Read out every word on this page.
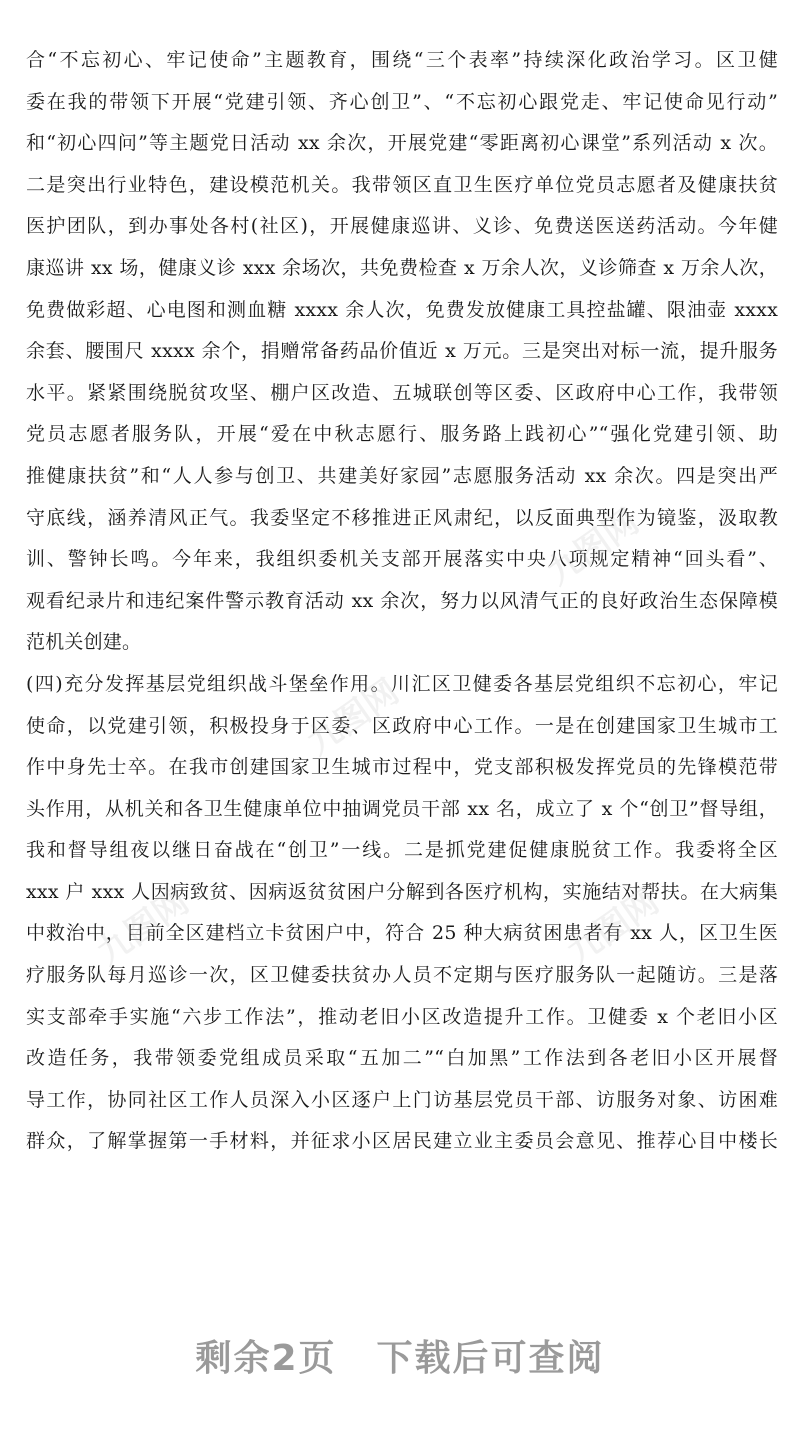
合“不忘初心、牢记使命”主题教育，围绕“三个表率”持续深化政治学习。区卫健
委在我的带领下开展“党建引领、齐心创卫”、“不忘初心跟党走、牢记使命见行动”
和“初心四问”等主题党日活动 xx 余次，开展党建“零距离初心课堂”系列活动 x 次。
二是突出行业特色，建设模范机关。我带领区直卫生医疗单位党员志愿者及健康扶贫
医护团队，到办事处各村(社区)，开展健康巡讲、义诊、免费送医送药活动。今年健
康巡讲 xx 场，健康义诊 xxx 余场次，共免费检查 x 万余人次，义诊筛查 x 万余人次，
免费做彩超、心电图和测血糖 xxxx 余人次，免费发放健康工具控盐罐、限油壶 xxxx
余套、腰围尺 xxxx 余个，捐赠常备药品价值近 x 万元。三是突出对标一流，提升服务
水平。紧紧围绕脱贫攻坚、棚户区改造、五城联创等区委、区政府中心工作，我带领
党员志愿者服务队，开展“爱在中秋志愿行、服务路上践初心”“强化党建引领、助
推健康扶贫”和“人人参与创卫、共建美好家园”志愿服务活动 xx 余次。四是突出严
守底线，涵养清风正气。我委坚定不移推进正风肃纪，以反面典型作为镜鉴，汲取教
训、警钟长鸣。今年来，我组织委机关支部开展落实中央八项规定精神“回头看”、
观看纪录片和违纪案件警示教育活动 xx 余次，努力以风清气正的良好政治生态保障模
范机关创建。
(四)充分发挥基层党组织战斗堡垒作用。川汇区卫健委各基层党组织不忘初心，牢记
使命，以党建引领，积极投身于区委、区政府中心工作。一是在创建国家卫生城市工
作中身先士卒。在我市创建国家卫生城市过程中，党支部积极发挥党员的先锋模范带
头作用，从机关和各卫生健康单位中抽调党员干部 xx 名，成立了 x 个“创卫”督导组，
我和督导组夜以继日奋战在“创卫”一线。二是抓党建促健康脱贫工作。我委将全区
xxx 户 xxx 人因病致贫、因病返贫贫困户分解到各医疗机构，实施结对帮扶。在大病集
中救治中，目前全区建档立卡贫困户中，符合 25 种大病贫困患者有 xx 人，区卫生医
疗服务队每月巡诊一次，区卫健委扶贫办人员不定期与医疗服务队一起随访。三是落
实支部牵手实施“六步工作法”，推动老旧小区改造提升工作。卫健委 x 个老旧小区
改造任务，我带领委党组成员采取“五加二”“白加黑”工作法到各老旧小区开展督
导工作，协同社区工作人员深入小区逐户上门访基层党员干部、访服务对象、访困难
群众，了解掌握第一手材料，并征求小区居民建立业主委员会意见、推荐心目中楼长
九图网
九图网
九图网	九图网
剩余2页 下载后可查阅
